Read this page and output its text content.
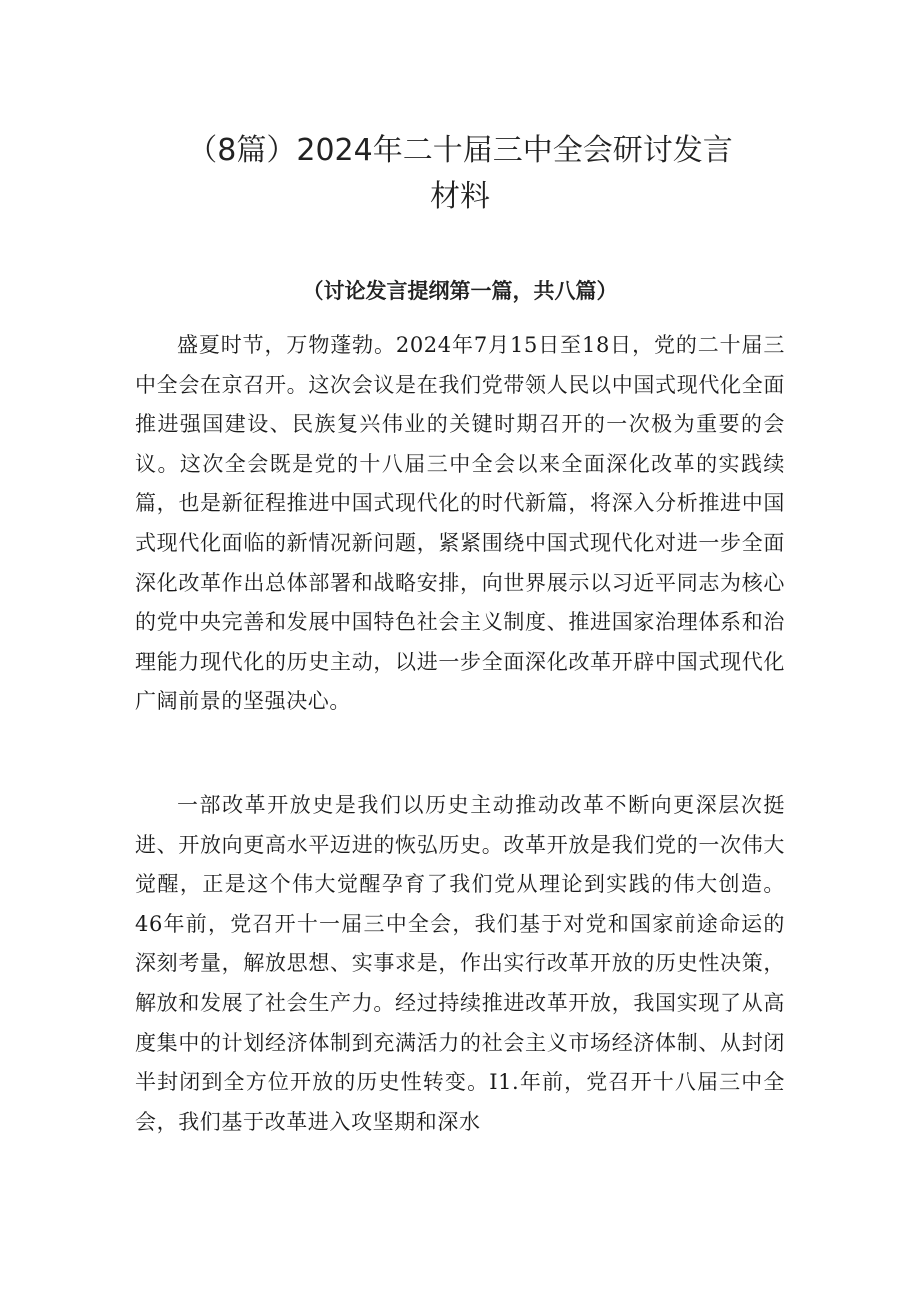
（8篇）2024年二十届三中全会研讨发言
材料
（讨论发言提纲第一篇，共八篇）

盛夏时节，万物蓬勃。2024年7月15日至18日，党的二十届三中全会在京召开。这次会议是在我们党带领人民以中国式现代化全面推进强国建设、民族复兴伟业的关键时期召开的一次极为重要的会议。这次全会既是党的十八届三中全会以来全面深化改革的实践续篇，也是新征程推进中国式现代化的时代新篇，将深入分析推进中国式现代化面临的新情况新问题，紧紧围绕中国式现代化对进一步全面深化改革作出总体部署和战略安排，向世界展示以习近平同志为核心的党中央完善和发展中国特色社会主义制度、推进国家治理体系和治理能力现代化的历史主动，以进一步全面深化改革开辟中国式现代化广阔前景的坚强决心。

一部改革开放史是我们以历史主动推动改革不断向更深层次挺进、开放向更高水平迈进的恢弘历史。改革开放是我们党的一次伟大觉醒，正是这个伟大觉醒孕育了我们党从理论到实践的伟大创造。46年前，党召开十一届三中全会，我们基于对党和国家前途命运的深刻考量，解放思想、实事求是，作出实行改革开放的历史性决策，解放和发展了社会生产力。经过持续推进改革开放，我国实现了从高度集中的计划经济体制到充满活力的社会主义市场经济体制、从封闭半封闭到全方位开放的历史性转变。I1.年前，党召开十八届三中全会，我们基于改革进入攻坚期和深水
